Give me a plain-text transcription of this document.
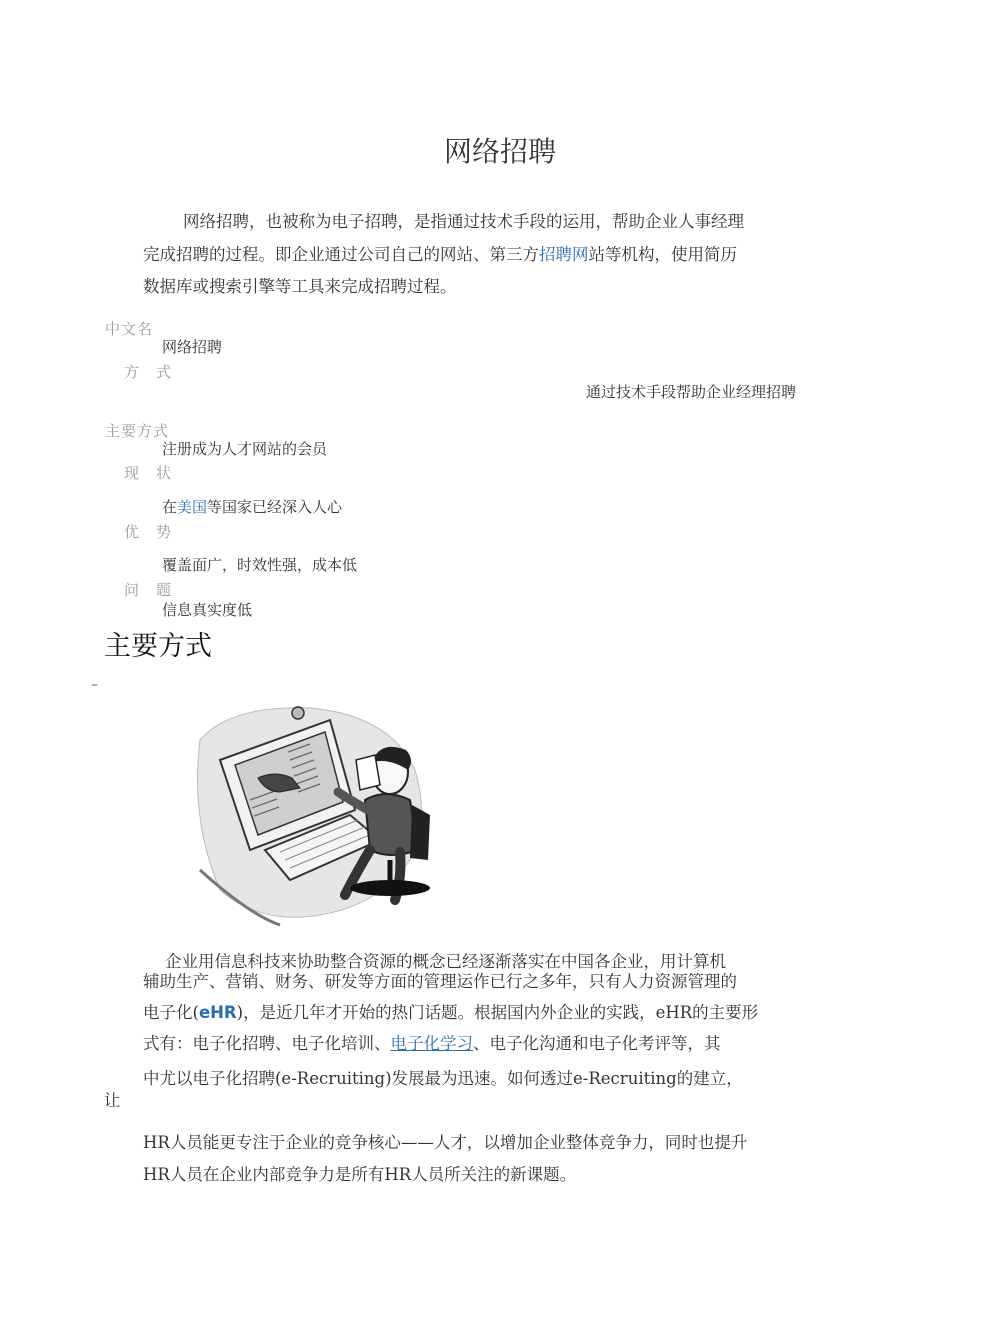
网络招聘
网络招聘，也被称为电子招聘，是指通过技术手段的运用，帮助企业人事经理
完成招聘的过程。即企业通过公司自己的网站、第三方招聘网站等机构，使用简历
数据库或搜索引擎等工具来完成招聘过程。
中文名
网络招聘
方　式
通过技术手段帮助企业经理招聘
主要方式
注册成为人才网站的会员
现　状
在美国等国家已经深入人心
优　势
覆盖面广，时效性强，成本低
问　题
信息真实度低
主要方式
–
企业用信息科技来协助整合资源的概念已经逐渐落实在中国各企业，用计算机
辅助生产、营销、财务、研发等方面的管理运作已行之多年，只有人力资源管理的
电子化(eHR)，是近几年才开始的热门话题。根据国内外企业的实践，eHR的主要形
式有：电子化招聘、电子化培训、电子化学习、电子化沟通和电子化考评等，其
中尤以电子化招聘(e-Recruiting)发展最为迅速。如何透过e-Recruiting的建立，
让
HR人员能更专注于企业的竞争核心——人才，以增加企业整体竞争力，同时也提升
HR人员在企业内部竞争力是所有HR人员所关注的新课题。
